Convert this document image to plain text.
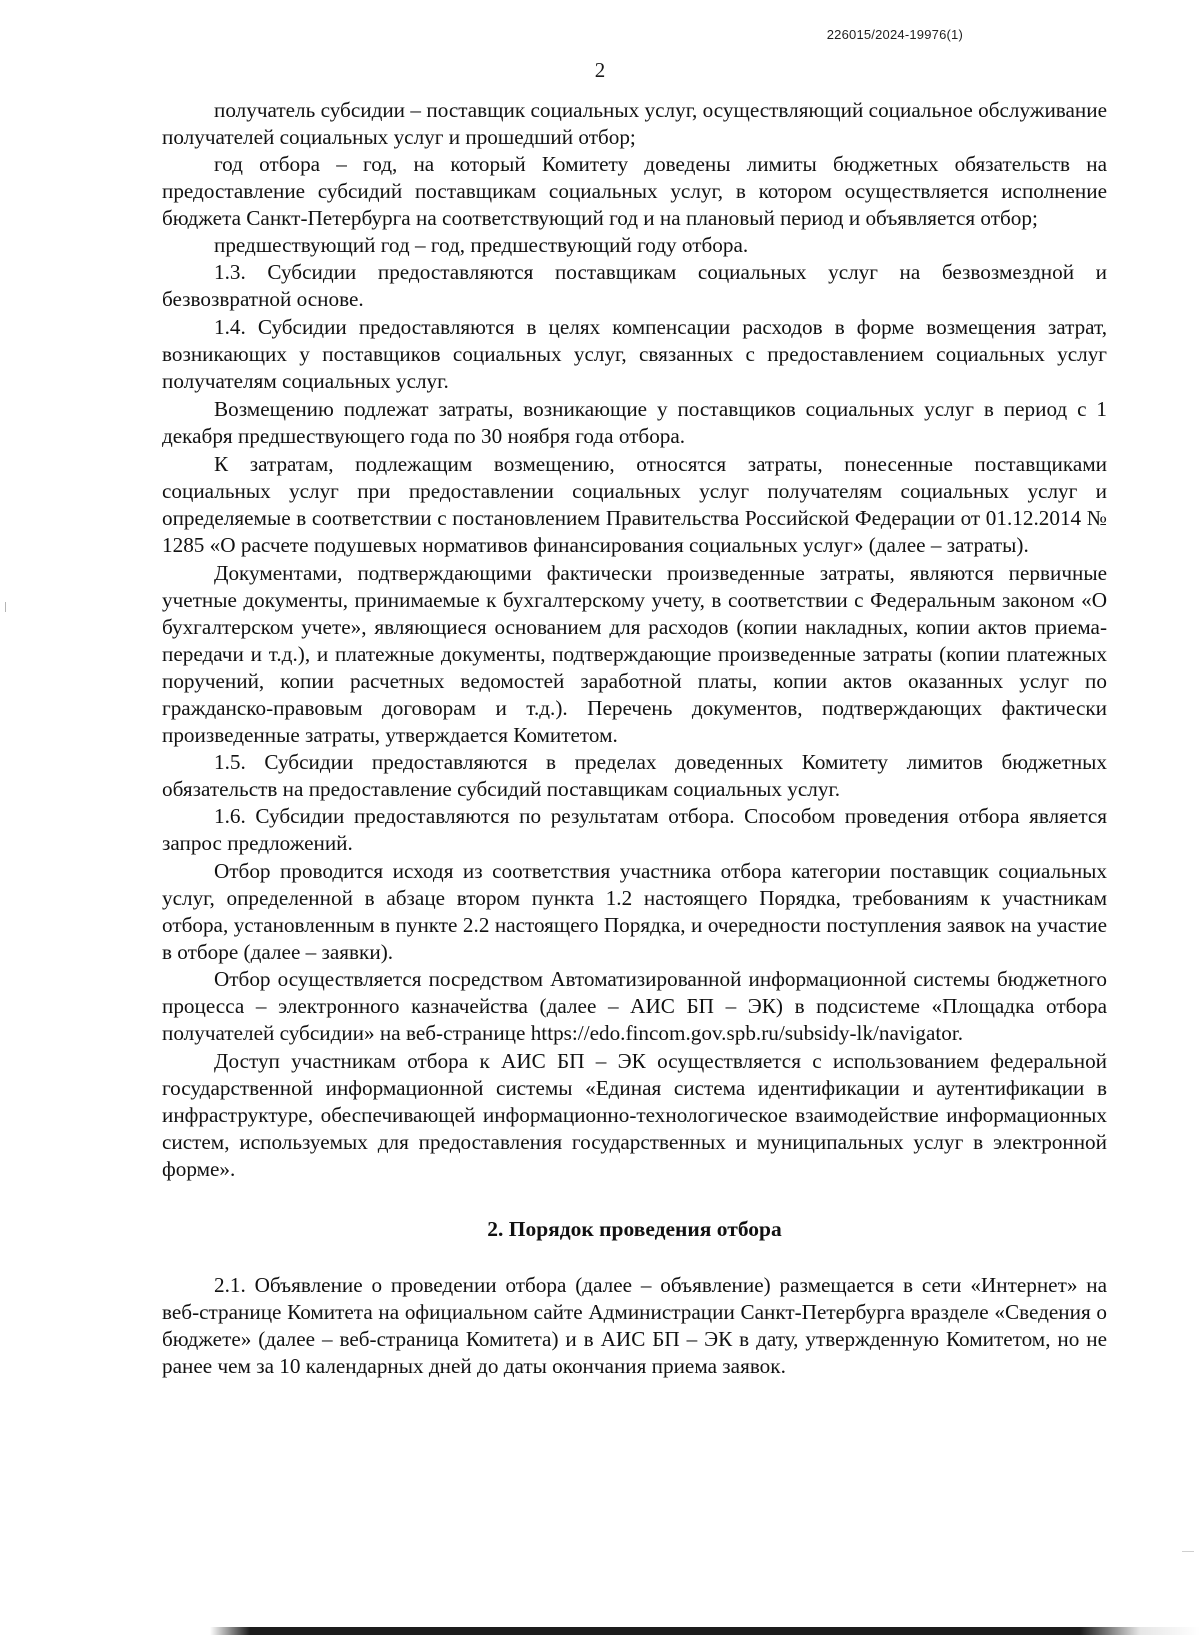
226015/2024-19976(1)
2

получатель субсидии – поставщик социальных услуг, осуществляющий социальное обслуживание получателей социальных услуг и прошедший отбор;

год отбора – год, на который Комитету доведены лимиты бюджетных обязательств на предоставление субсидий поставщикам социальных услуг, в котором осуществляется исполнение бюджета Санкт-Петербурга на соответствующий год и на плановый период и объявляется отбор;

предшествующий год – год, предшествующий году отбора.

1.3. Субсидии предоставляются поставщикам социальных услуг на безвозмездной и безвозвратной основе.

1.4. Субсидии предоставляются в целях компенсации расходов в форме возмещения затрат, возникающих у поставщиков социальных услуг, связанных с предоставлением социальных услуг получателям социальных услуг.

Возмещению подлежат затраты, возникающие у поставщиков социальных услуг в период с 1 декабря предшествующего года по 30 ноября года отбора.

К затратам, подлежащим возмещению, относятся затраты, понесенные поставщиками социальных услуг при предоставлении социальных услуг получателям социальных услуг и определяемые в соответствии с постановлением Правительства Российской Федерации от 01.12.2014 № 1285 «О расчете подушевых нормативов финансирования социальных услуг» (далее – затраты).

Документами, подтверждающими фактически произведенные затраты, являются первичные учетные документы, принимаемые к бухгалтерскому учету, в соответствии с Федеральным законом «О бухгалтерском учете», являющиеся основанием для расходов (копии накладных, копии актов приема-передачи и т.д.), и платежные документы, подтверждающие произведенные затраты (копии платежных поручений, копии расчетных ведомостей заработной платы, копии актов оказанных услуг по гражданско-правовым договорам и т.д.). Перечень документов, подтверждающих фактически произведенные затраты, утверждается Комитетом.

1.5. Субсидии предоставляются в пределах доведенных Комитету лимитов бюджетных обязательств на предоставление субсидий поставщикам социальных услуг.

1.6. Субсидии предоставляются по результатам отбора. Способом проведения отбора является запрос предложений.

Отбор проводится исходя из соответствия участника отбора категории поставщик социальных услуг, определенной в абзаце втором пункта 1.2 настоящего Порядка, требованиям к участникам отбора, установленным в пункте 2.2 настоящего Порядка, и очередности поступления заявок на участие в отборе (далее – заявки).

Отбор осуществляется посредством Автоматизированной информационной системы бюджетного процесса – электронного казначейства (далее – АИС БП – ЭК) в подсистеме «Площадка отбора получателей субсидии» на веб-странице https://edo.fincom.gov.spb.ru/subsidy-lk/navigator.

Доступ участникам отбора к АИС БП – ЭК осуществляется с использованием федеральной государственной информационной системы «Единая система идентификации и аутентификации в инфраструктуре, обеспечивающей информационно-технологическое взаимодействие информационных систем, используемых для предоставления государственных и муниципальных услуг в электронной форме».

2. Порядок проведения отбора

2.1. Объявление о проведении отбора (далее – объявление) размещается в сети «Интернет» на веб-странице Комитета на официальном сайте Администрации Санкт-Петербурга вразделе «Сведения о бюджете» (далее – веб-страница Комитета) и в АИС БП – ЭК в дату, утвержденную Комитетом, но не ранее чем за 10 календарных дней до даты окончания приема заявок.
